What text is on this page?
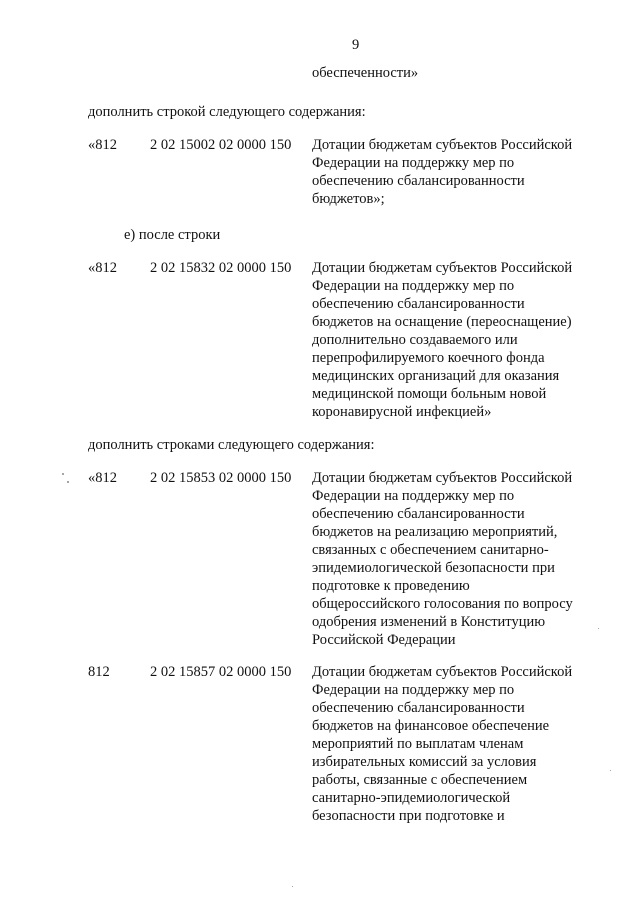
9
обеспеченности»
дополнить строкой следующего содержания:
«812 2 02 15002 02 0000 150 Дотации бюджетам субъектов Российской
Федерации на поддержку мер по
обеспечению сбалансированности
бюджетов»;
е) после строки
«812 2 02 15832 02 0000 150 Дотации бюджетам субъектов Российской
Федерации на поддержку мер по
обеспечению сбалансированности
бюджетов на оснащение (переоснащение)
дополнительно создаваемого или
перепрофилируемого коечного фонда
медицинских организаций для оказания
медицинской помощи больным новой
коронавирусной инфекцией»
дополнить строками следующего содержания:
«812 2 02 15853 02 0000 150 Дотации бюджетам субъектов Российской
Федерации на поддержку мер по
обеспечению сбалансированности
бюджетов на реализацию мероприятий,
связанных с обеспечением санитарно-
эпидемиологической безопасности при
подготовке к проведению
общероссийского голосования по вопросу
одобрения изменений в Конституцию
Российской Федерации
812	2 02 15857 02 0000 150 Дотации бюджетам субъектов Российской
Федерации на поддержку мер по
обеспечению сбалансированности
бюджетов на финансовое обеспечение
мероприятий по выплатам членам
избирательных комиссий за условия
работы, связанные с обеспечением
санитарно-эпидемиологической
безопасности при подготовке и
